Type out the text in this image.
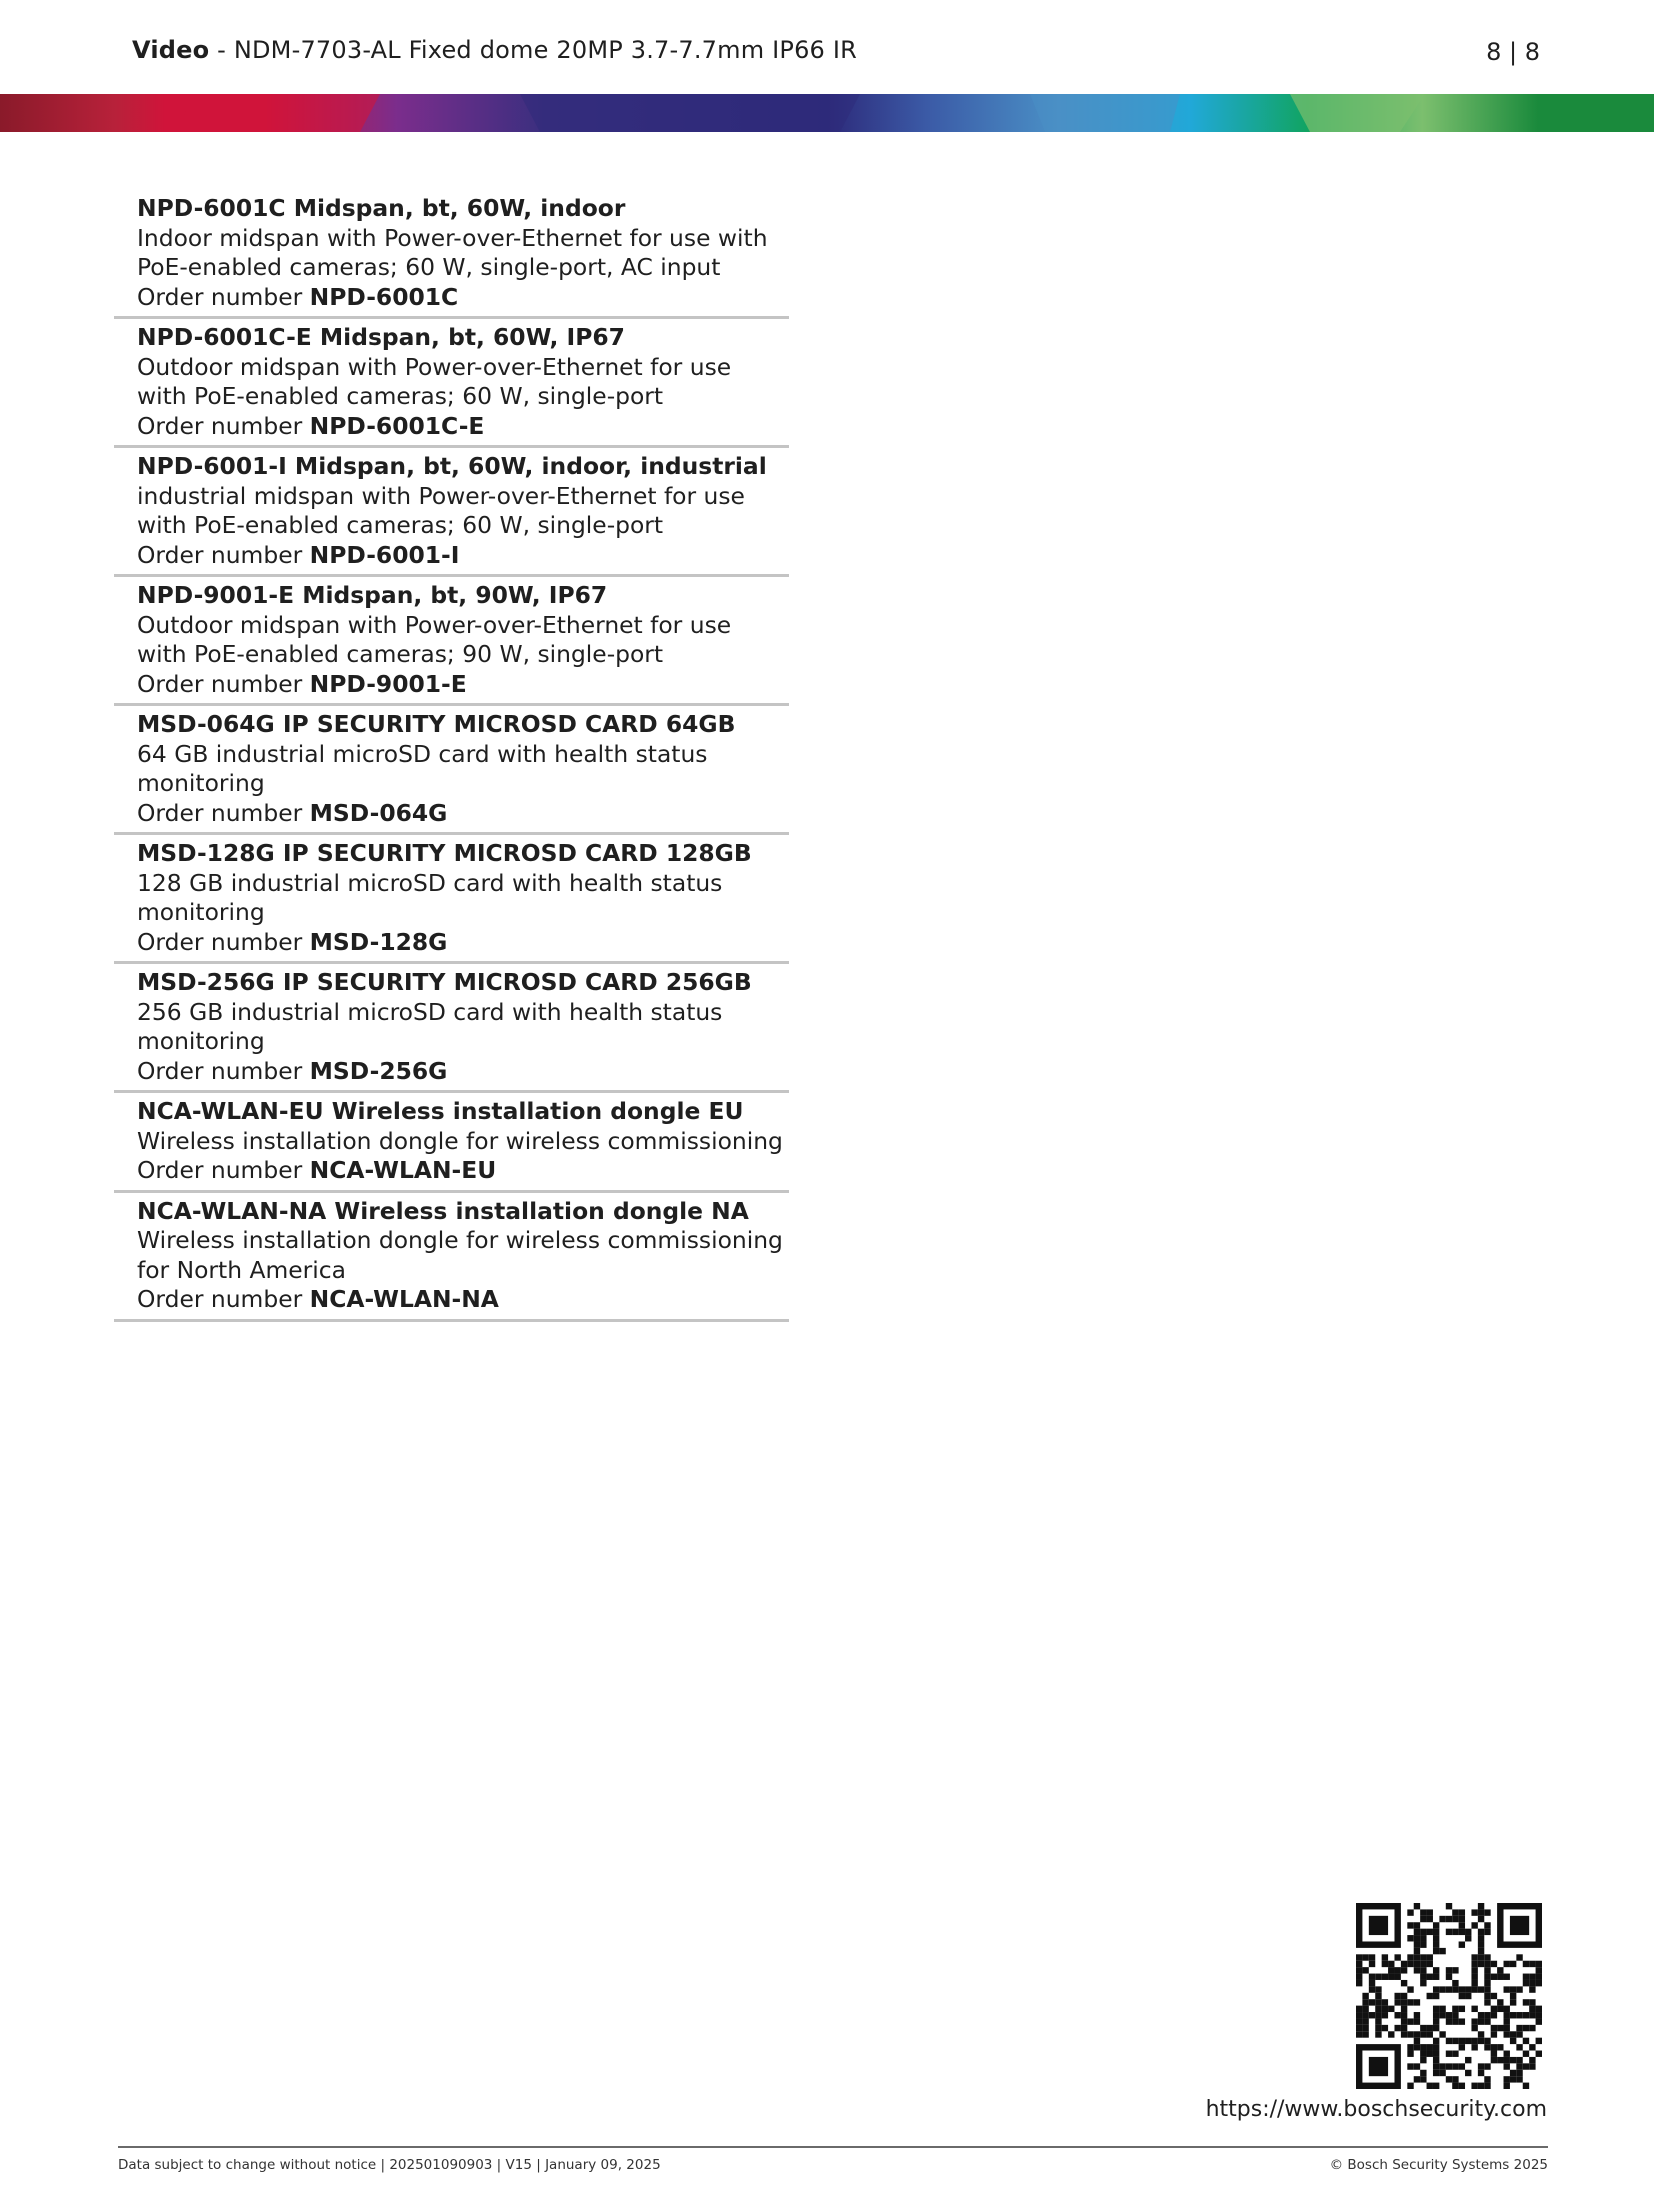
Video - NDM-7703-AL Fixed dome 20MP 3.7-7.7mm IP66 IR	8 | 8
NPD-6001C Midspan, bt, 60W, indoor
Indoor midspan with Power-over-Ethernet for use with
PoE-enabled cameras; 60 W, single-port, AC input
Order number NPD-6001C
NPD-6001C-E Midspan, bt, 60W, IP67
Outdoor midspan with Power-over-Ethernet for use
with PoE-enabled cameras; 60 W, single-port
Order number NPD-6001C-E
NPD-6001-I Midspan, bt, 60W, indoor, industrial
industrial midspan with Power-over-Ethernet for use
with PoE-enabled cameras; 60 W, single-port
Order number NPD-6001-I
NPD-9001-E Midspan, bt, 90W, IP67
Outdoor midspan with Power-over-Ethernet for use
with PoE-enabled cameras; 90 W, single-port
Order number NPD-9001-E
MSD-064G IP SECURITY MICROSD CARD 64GB
64 GB industrial microSD card with health status
monitoring
Order number MSD-064G
MSD-128G IP SECURITY MICROSD CARD 128GB
128 GB industrial microSD card with health status
monitoring
Order number MSD-128G
MSD-256G IP SECURITY MICROSD CARD 256GB
256 GB industrial microSD card with health status
monitoring
Order number MSD-256G
NCA-WLAN-EU Wireless installation dongle EU
Wireless installation dongle for wireless commissioning
Order number NCA-WLAN-EU
NCA-WLAN-NA Wireless installation dongle NA
Wireless installation dongle for wireless commissioning
for North America
Order number NCA-WLAN-NA
https://www.boschsecurity.com
Data subject to change without notice | 202501090903 | V15 | January 09, 2025	© Bosch Security Systems 2025
